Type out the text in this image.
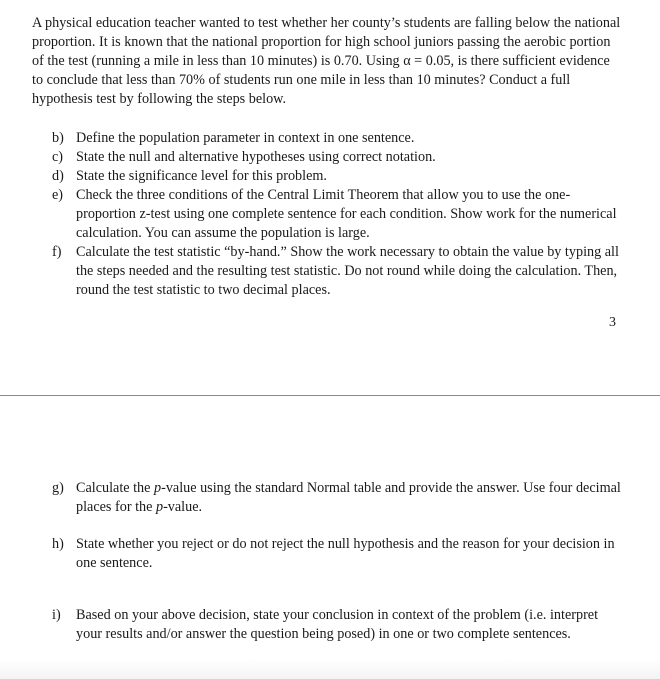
A physical education teacher wanted to test whether her county’s students are falling below the national proportion. It is known that the national proportion for high school juniors passing the aerobic portion of the test (running a mile in less than 10 minutes) is 0.70. Using α = 0.05, is there sufficient evidence to conclude that less than 70% of students run one mile in less than 10 minutes? Conduct a full hypothesis test by following the steps below.

b) Define the population parameter in context in one sentence.
c) State the null and alternative hypotheses using correct notation.
d) State the significance level for this problem.
e) Check the three conditions of the Central Limit Theorem that allow you to use the one-proportion z-test using one complete sentence for each condition. Show work for the numerical calculation. You can assume the population is large.
f) Calculate the test statistic “by-hand.” Show the work necessary to obtain the value by typing all the steps needed and the resulting test statistic. Do not round while doing the calculation. Then, round the test statistic to two decimal places.
3

g) Calculate the p-value using the standard Normal table and provide the answer. Use four decimal places for the p-value.

h) State whether you reject or do not reject the null hypothesis and the reason for your decision in one sentence.

i) Based on your above decision, state your conclusion in context of the problem (i.e. interpret your results and/or answer the question being posed) in one or two complete sentences.
